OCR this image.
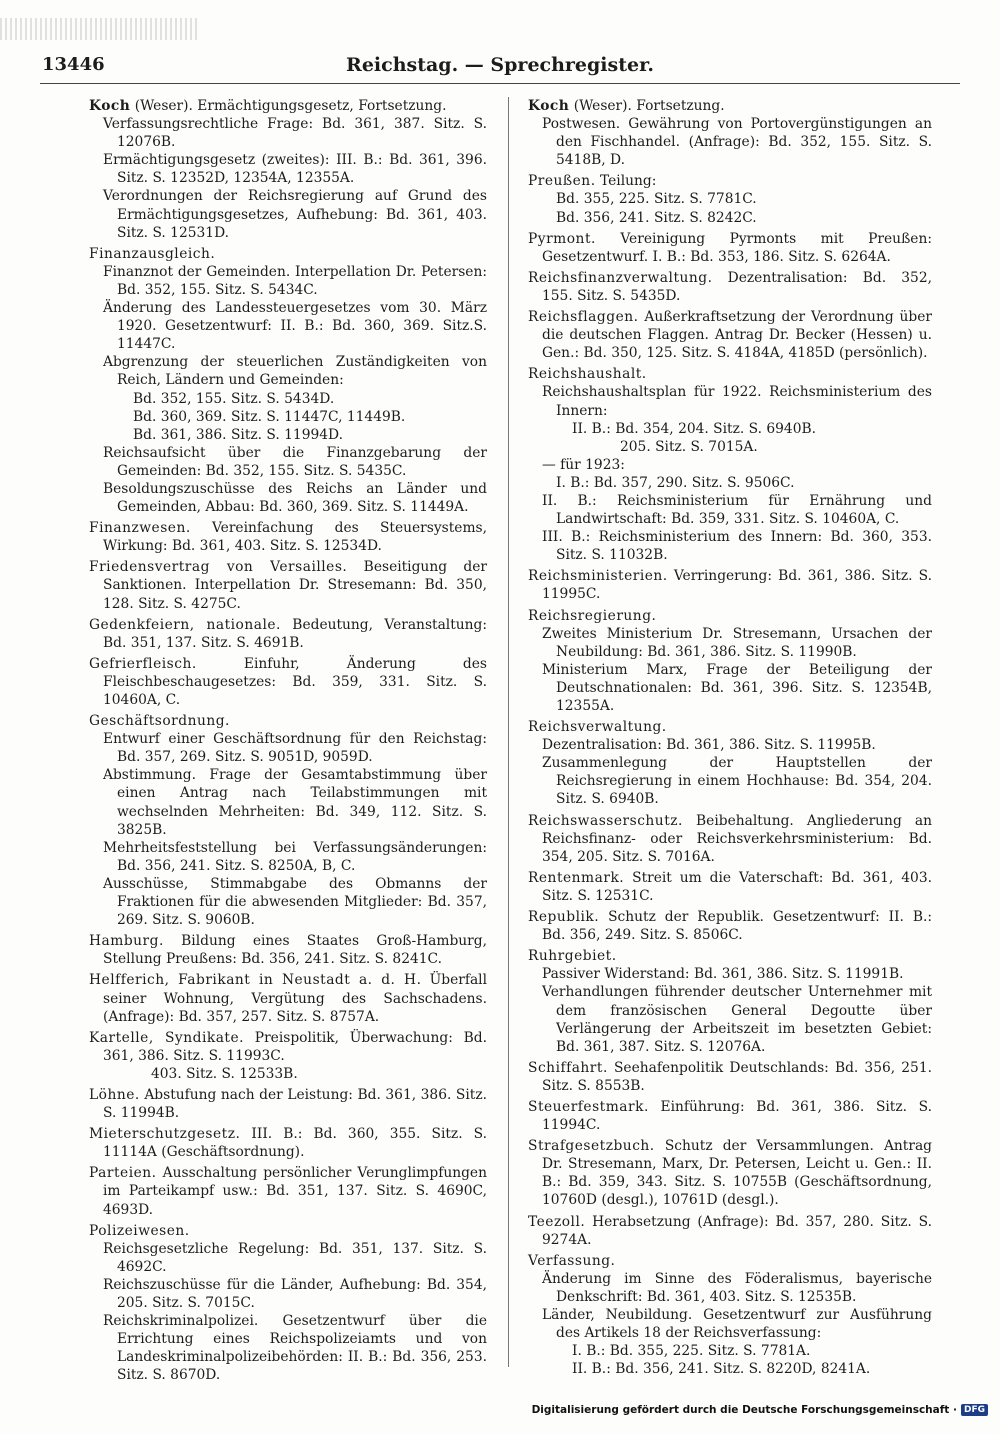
13446	Reichstag. — Sprechregister.
Koch (Weser). Ermächtigungsgesetz, Fortsetzung.
Verfassungsrechtliche Frage: Bd. 361, 387. Sitz. S. 12076B.
Ermächtigungsgesetz (zweites): III. B.: Bd. 361, 396. Sitz. S. 12352D, 12354A, 12355A.
Verordnungen der Reichsregierung auf Grund des Ermächtigungsgesetzes, Aufhebung: Bd. 361, 403. Sitz. S. 12531D.
Finanzausgleich.
Finanznot der Gemeinden. Interpellation Dr. Petersen: Bd. 352, 155. Sitz. S. 5434C.
Änderung des Landessteuergesetzes vom 30. März 1920. Gesetzentwurf: II. B.: Bd. 360, 369. Sitz.S. 11447C.
Abgrenzung der steuerlichen Zuständigkeiten von Reich, Ländern und Gemeinden:
Bd. 352, 155. Sitz. S. 5434D.
Bd. 360, 369. Sitz. S. 11447C, 11449B.
Bd. 361, 386. Sitz. S. 11994D.
Reichsaufsicht über die Finanzgebarung der Gemeinden: Bd. 352, 155. Sitz. S. 5435C.
Besoldungszuschüsse des Reichs an Länder und Gemeinden, Abbau: Bd. 360, 369. Sitz. S. 11449A.
Finanzwesen. Vereinfachung des Steuersystems, Wirkung: Bd. 361, 403. Sitz. S. 12534D.
Friedensvertrag von Versailles. Beseitigung der Sanktionen. Interpellation Dr. Stresemann: Bd. 350, 128. Sitz. S. 4275C.
Gedenkfeiern, nationale. Bedeutung, Veranstaltung: Bd. 351, 137. Sitz. S. 4691B.
Gefrierfleisch. Einfuhr, Änderung des Fleischbeschaugesetzes: Bd. 359, 331. Sitz. S. 10460A, C.
Geschäftsordnung.
Entwurf einer Geschäftsordnung für den Reichstag: Bd. 357, 269. Sitz. S. 9051D, 9059D.
Abstimmung. Frage der Gesamtabstimmung über einen Antrag nach Teilabstimmungen mit wechselnden Mehrheiten: Bd. 349, 112. Sitz. S. 3825B.
Mehrheitsfeststellung bei Verfassungsänderungen: Bd. 356, 241. Sitz. S. 8250A, B, C.
Ausschüsse, Stimmabgabe des Obmanns der Fraktionen für die abwesenden Mitglieder: Bd. 357, 269. Sitz. S. 9060B.
Hamburg. Bildung eines Staates Groß-Hamburg, Stellung Preußens: Bd. 356, 241. Sitz. S. 8241C.
Helfferich, Fabrikant in Neustadt a. d. H. Überfall seiner Wohnung, Vergütung des Sachschadens. (Anfrage): Bd. 357, 257. Sitz. S. 8757A.
Kartelle, Syndikate. Preispolitik, Überwachung: Bd. 361, 386. Sitz. S. 11993C.
403. Sitz. S. 12533B.
Löhne. Abstufung nach der Leistung: Bd. 361, 386. Sitz. S. 11994B.
Mieterschutzgesetz. III. B.: Bd. 360, 355. Sitz. S. 11114A (Geschäftsordnung).
Parteien. Ausschaltung persönlicher Verunglimpfungen im Parteikampf usw.: Bd. 351, 137. Sitz. S. 4690C, 4693D.
Polizeiwesen.
Reichsgesetzliche Regelung: Bd. 351, 137. Sitz. S. 4692C.
Reichszuschüsse für die Länder, Aufhebung: Bd. 354, 205. Sitz. S. 7015C.
Reichskriminalpolizei. Gesetzentwurf über die Errichtung eines Reichspolizeiamts und von Landeskriminalpolizeibehörden: II. B.: Bd. 356, 253. Sitz. S. 8670D.
Koch (Weser). Fortsetzung.
Postwesen. Gewährung von Portovergünstigungen an den Fischhandel. (Anfrage): Bd. 352, 155. Sitz. S. 5418B, D.
Preußen. Teilung:
Bd. 355, 225. Sitz. S. 7781C.
Bd. 356, 241. Sitz. S. 8242C.
Pyrmont. Vereinigung Pyrmonts mit Preußen: Gesetzentwurf. I. B.: Bd. 353, 186. Sitz. S. 6264A.
Reichsfinanzverwaltung. Dezentralisation: Bd. 352, 155. Sitz. S. 5435D.
Reichsflaggen. Außerkraftsetzung der Verordnung über die deutschen Flaggen. Antrag Dr. Becker (Hessen) u. Gen.: Bd. 350, 125. Sitz. S. 4184A, 4185D (persönlich).
Reichshaushalt.
Reichshaushaltsplan für 1922. Reichsministerium des Innern:
II. B.: Bd. 354, 204. Sitz. S. 6940B.
205. Sitz. S. 7015A.
— für 1923:
I. B.: Bd. 357, 290. Sitz. S. 9506C.
II. B.: Reichsministerium für Ernährung und Landwirtschaft: Bd. 359, 331. Sitz. S. 10460A, C.
III. B.: Reichsministerium des Innern: Bd. 360, 353. Sitz. S. 11032B.
Reichsministerien. Verringerung: Bd. 361, 386. Sitz. S. 11995C.
Reichsregierung.
Zweites Ministerium Dr. Stresemann, Ursachen der Neubildung: Bd. 361, 386. Sitz. S. 11990B.
Ministerium Marx, Frage der Beteiligung der Deutschnationalen: Bd. 361, 396. Sitz. S. 12354B, 12355A.
Reichsverwaltung.
Dezentralisation: Bd. 361, 386. Sitz. S. 11995B.
Zusammenlegung der Hauptstellen der Reichsregierung in einem Hochhause: Bd. 354, 204. Sitz. S. 6940B.
Reichswasserschutz. Beibehaltung. Angliederung an Reichsfinanz- oder Reichsverkehrsministerium: Bd. 354, 205. Sitz. S. 7016A.
Rentenmark. Streit um die Vaterschaft: Bd. 361, 403. Sitz. S. 12531C.
Republik. Schutz der Republik. Gesetzentwurf: II. B.: Bd. 356, 249. Sitz. S. 8506C.
Ruhrgebiet.
Passiver Widerstand: Bd. 361, 386. Sitz. S. 11991B.
Verhandlungen führender deutscher Unternehmer mit dem französischen General Degoutte über Verlängerung der Arbeitszeit im besetzten Gebiet: Bd. 361, 387. Sitz. S. 12076A.
Schiffahrt. Seehafenpolitik Deutschlands: Bd. 356, 251. Sitz. S. 8553B.
Steuerfestmark. Einführung: Bd. 361, 386. Sitz. S. 11994C.
Strafgesetzbuch. Schutz der Versammlungen. Antrag Dr. Stresemann, Marx, Dr. Petersen, Leicht u. Gen.: II. B.: Bd. 359, 343. Sitz. S. 10755B (Geschäftsordnung, 10760D (desgl.), 10761D (desgl.).
Teezoll. Herabsetzung (Anfrage): Bd. 357, 280. Sitz. S. 9274A.
Verfassung.
Änderung im Sinne des Föderalismus, bayerische Denkschrift: Bd. 361, 403. Sitz. S. 12535B.
Länder, Neubildung. Gesetzentwurf zur Ausführung des Artikels 18 der Reichsverfassung:
I. B.: Bd. 355, 225. Sitz. S. 7781A.
II. B.: Bd. 356, 241. Sitz. S. 8220D, 8241A.
Digitalisierung gefördert durch die Deutsche Forschungsgemeinschaft · DFG
